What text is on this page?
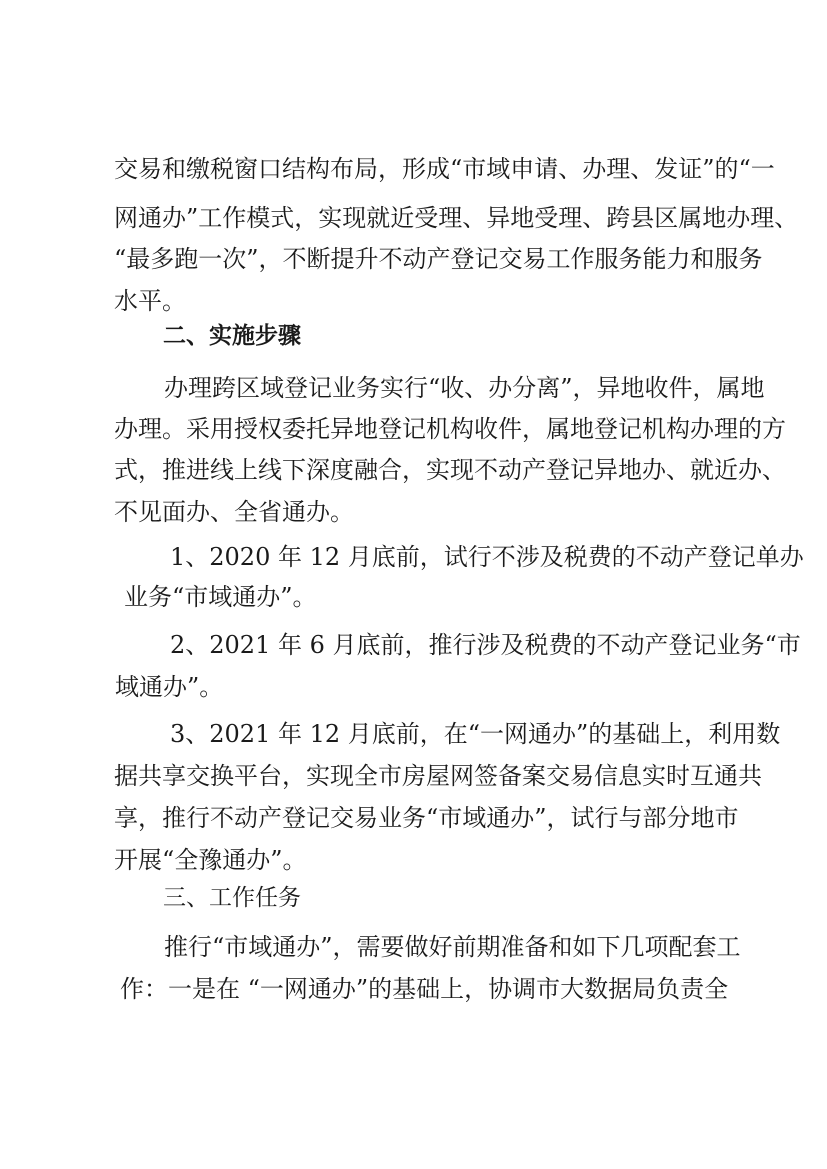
交易和缴税窗口结构布局，形成“市域申请、办理、发证”的“一
网通办”工作模式，实现就近受理、异地受理、跨县区属地办理、
“最多跑一次”，不断提升不动产登记交易工作服务能力和服务
水平。
二、实施步骤
办理跨区域登记业务实行“收、办分离”，异地收件，属地
办理。采用授权委托异地登记机构收件，属地登记机构办理的方
式，推进线上线下深度融合，实现不动产登记异地办、就近办、
不见面办、全省通办。
1、2020 年 12 月底前，试行不涉及税费的不动产登记单办
业务“市域通办”。
2、2021 年 6 月底前，推行涉及税费的不动产登记业务“市
域通办”。
3、2021 年 12 月底前，在“一网通办”的基础上，利用数
据共享交换平台，实现全市房屋网签备案交易信息实时互通共
享，推行不动产登记交易业务“市域通办”，试行与部分地市
开展“全豫通办”。
三、工作任务
推行“市域通办”，需要做好前期准备和如下几项配套工
作：一是在 “一网通办”的基础上，协调市大数据局负责全
